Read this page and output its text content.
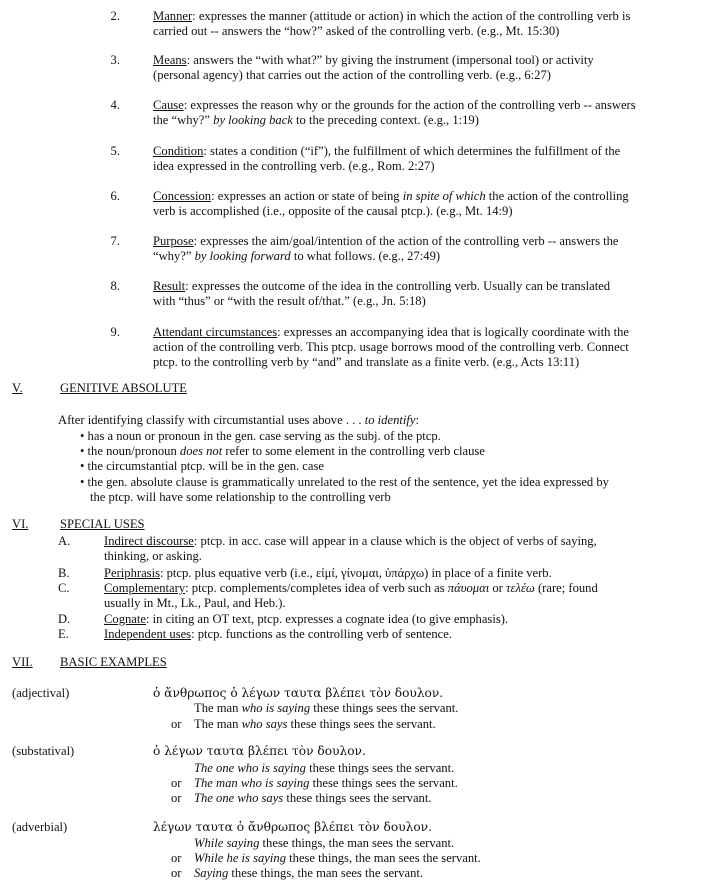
2.	Manner: expresses the manner (attitude or action) in which the action of the controlling verb is
carried out -- answers the “how?” asked of the controlling verb. (e.g., Mt. 15:30)
3.	Means: answers the “with what?” by giving the instrument (impersonal tool) or activity
(personal agency) that carries out the action of the controlling verb. (e.g., 6:27)
4.	Cause: expresses the reason why or the grounds for the action of the controlling verb -- answers
the “why?” by looking back to the preceding context. (e.g., 1:19)
5.	Condition: states a condition (“if”), the fulfillment of which determines the fulfillment of the
idea expressed in the controlling verb. (e.g., Rom. 2:27)
6.	Concession: expresses an action or state of being in spite of which the action of the controlling
verb is accomplished (i.e., opposite of the causal ptcp.). (e.g., Mt. 14:9)
7.	Purpose: expresses the aim/goal/intention of the action of the controlling verb -- answers the
“why?” by looking forward to what follows. (e.g., 27:49)
8.	Result: expresses the outcome of the idea in the controlling verb. Usually can be translated
with “thus” or “with the result of/that.” (e.g., Jn. 5:18)
9.	Attendant circumstances: expresses an accompanying idea that is logically coordinate with the
action of the controlling verb. This ptcp. usage borrows mood of the controlling verb. Connect
ptcp. to the controlling verb by “and” and translate as a finite verb. (e.g., Acts 13:11)
V.	GENITIVE ABSOLUTE
After identifying classify with circumstantial uses above . . . to identify:
• has a noun or pronoun in the gen. case serving as the subj. of the ptcp.
• the noun/pronoun does not refer to some element in the controlling verb clause
• the circumstantial ptcp. will be in the gen. case
• the gen. absolute clause is grammatically unrelated to the rest of the sentence, yet the idea expressed by
the ptcp. will have some relationship to the controlling verb
VI.	SPECIAL USES
A.	Indirect discourse: ptcp. in acc. case will appear in a clause which is the object of verbs of saying,
thinking, or asking.
B.	Periphrasis: ptcp. plus equative verb (i.e., εἰμί, γίνομαι, ὑπάρχω) in place of a finite verb.
C.	Complementary: ptcp. complements/completes idea of verb such as πάυομαι or τελέω (rare; found
usually in Mt., Lk., Paul, and Heb.).
D.	Cognate: in citing an OT text, ptcp. expresses a cognate idea (to give emphasis).
E.	Independent uses: ptcp. functions as the controlling verb of sentence.
VII. BASIC EXAMPLES
(adjectival)	ὁ ἄνθρωπος ὁ λέγων ταυτα βλέπει τὸν δουλον.
The man who is saying these things sees the servant.
or The man who says these things sees the servant.
(substatival)	ὁ λέγων ταυτα βλέπει τὸν δουλον.
The one who is saying these things sees the servant.
or The man who is saying these things sees the servant.
or The one who says these things sees the servant.
(adverbial)	λέγων ταυτα ὁ ἄνθρωπος βλέπει τὸν δουλον.
While saying these things, the man sees the servant.
or While he is saying these things, the man sees the servant.
or Saying these things, the man sees the servant.
